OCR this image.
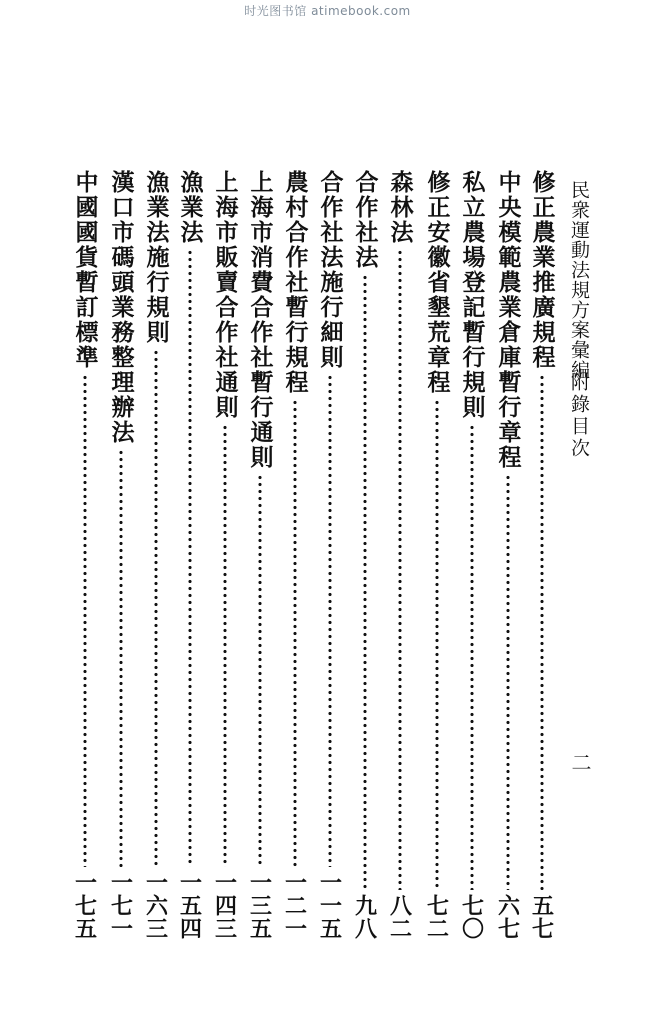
时光图书馆 atimebook.com
民衆運動法規方案彙編
附錄目次
二
修正農業推廣規程
五七
中央模範農業倉庫暫行章程
六七
私立農場登記暫行規則
七〇
修正安徽省墾荒章程
七二
森林法
八二
合作社法
九八
合作社法施行細則
一一五
農村合作社暫行規程
一二一
上海市消費合作社暫行通則
一三五
上海市販賣合作社通則
一四三
漁業法
一五四
漁業法施行規則
一六三
漢口市碼頭業務整理辦法
一七一
中國國貨暫訂標準
一七五
